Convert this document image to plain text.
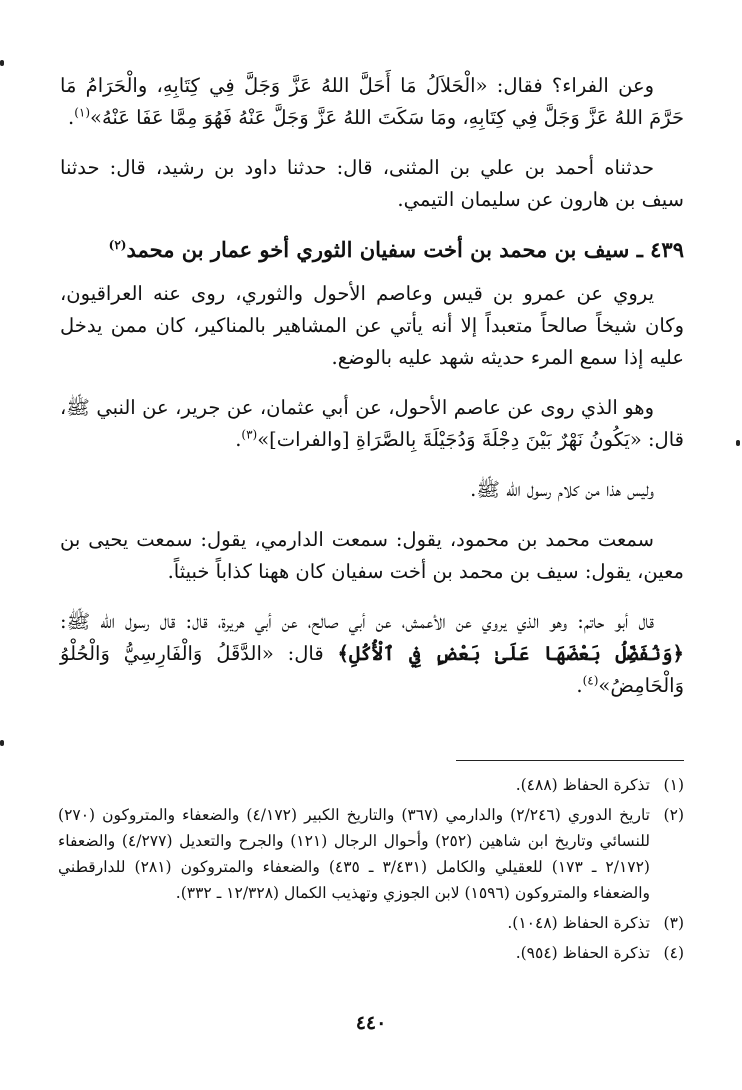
وعن الفراء؟ فقال: «الْحَلاَلُ مَا أَحَلَّ اللهُ عَزَّ وَجَلَّ فِي كِتَابِهِ، والْحَرَامُ مَا حَرَّمَ اللهُ عَزَّ وَجَلَّ فِي كِتَابِهِ، ومَا سَكَتَ اللهُ عَزَّ وَجَلَّ عَنْهُ فَهُوَ مِمَّا عَفَا عَنْهُ»$^{(١)}$.

حدثناه أحمد بن علي بن المثنى، قال: حدثنا داود بن رشيد، قال: حدثنا سيف بن هارون عن سليمان التيمي.

٤٣٩ ـ سيف بن محمد بن أخت سفيان الثوري أخو عمار بن محمد$^{(٢)}$

يروي عن عمرو بن قيس وعاصم الأحول والثوري، روى عنه العراقيون، وكان شيخاً صالحاً متعبداً إلا أنه يأتي عن المشاهير بالمناكير، كان ممن يدخل عليه إذا سمع المرء حديثه شهد عليه بالوضع.

وهو الذي روى عن عاصم الأحول، عن أبي عثمان، عن جرير، عن النبي ﷺ، قال: «يَكُونُ نَهْرٌ بَيْنَ دِجْلَةَ وَدُجَيْلَةَ بِالصَّرَاةِ [والفرات]»$^{(٣)}$.

وليس هذا من كلام رسول الله ﷺ.

سمعت محمد بن محمود، يقول: سمعت الدارمي، يقول: سمعت يحيى بن معين، يقول: سيف بن محمد بن أخت سفيان كان ههنا كذاباً خبيثاً.

قال أبو حاتم: وهو الذي يروي عن الأعمش، عن أبي صالح، عن أبي هريرة، قال: قال رسول الله ﷺ: ﴿وَنُفَضِّلُ بَعْضَهَا عَلَىٰ بَعْضٍ فِي ٱلْأُكُلِ﴾ قال: «الدَّقَلُ وَالْفَارِسِيُّ وَالْحُلْوُ وَالْحَامِضُ»$^{(٤)}$.

(١)
تذكرة الحفاظ (٤٨٨).
(٢)
تاريخ الدوري (٢/٢٤٦) والدارمي (٣٦٧) والتاريخ الكبير (٤/١٧٢) والضعفاء والمتروكون (٢٧٠) للنسائي وتاريخ ابن شاهين (٢٥٢) وأحوال الرجال (١٢١) والجرح والتعديل (٤/٢٧٧) والضعفاء (٢/١٧٢ ـ ١٧٣) للعقيلي والكامل (٣/٤٣١ ـ ٤٣٥) والضعفاء والمتروكون (٢٨١) للدارقطني والضعفاء والمتروكون (١٥٩٦) لابن الجوزي وتهذيب الكمال (١٢/٣٢٨ ـ ٣٣٢).
(٣)
تذكرة الحفاظ (١٠٤٨).
(٤)
تذكرة الحفاظ (٩٥٤).
٤٤٠
